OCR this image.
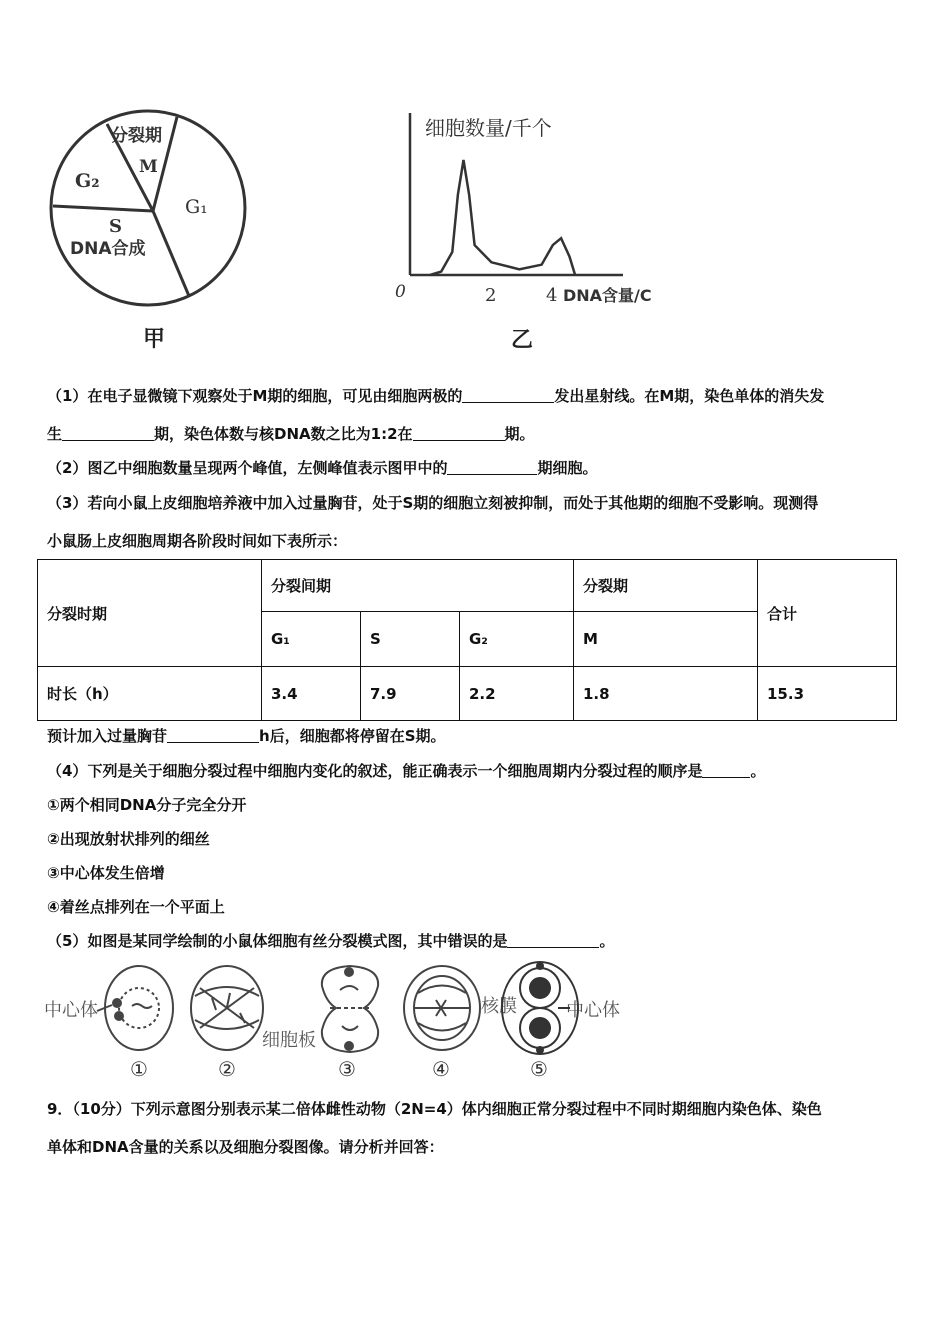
分裂期
M
G₂
S
DNA合成
G₁
甲
细胞数量/千个
0	2	4 DNA含量/C
乙
（1）在电子显微镜下观察处于M期的细胞，可见由细胞两极的	发出星射线。在M期，染色单体的消失发
生	期，染色体数与核DNA数之比为1:2在	期。
（2）图乙中细胞数量呈现两个峰值，左侧峰值表示图甲中的	期细胞。
（3）若向小鼠上皮细胞培养液中加入过量胸苷，处于S期的细胞立刻被抑制，而处于其他期的细胞不受影响。现测得
小鼠肠上皮细胞周期各阶段时间如下表所示：
分裂时期	分裂间期			分裂期	合计
	G₁	S	G₂	M	
时长（h）	3.4	7.9	2.2	1.8	15.3
预计加入过量胸苷	h后，细胞都将停留在S期。
（4）下列是关于细胞分裂过程中细胞内变化的叙述，能正确表示一个细胞周期内分裂过程的顺序是	。
①两个相同DNA分子完全分开
②出现放射状排列的细丝
③中心体发生倍增
④着丝点排列在一个平面上
（5）如图是某同学绘制的小鼠体细胞有丝分裂模式图，其中错误的是	。
中心体
细胞板
核膜	中心体
①	②	③	④	⑤
9．（10分）下列示意图分别表示某二倍体雌性动物（2N=4）体内细胞正常分裂过程中不同时期细胞内染色体、染色
单体和DNA含量的关系以及细胞分裂图像。请分析并回答：
